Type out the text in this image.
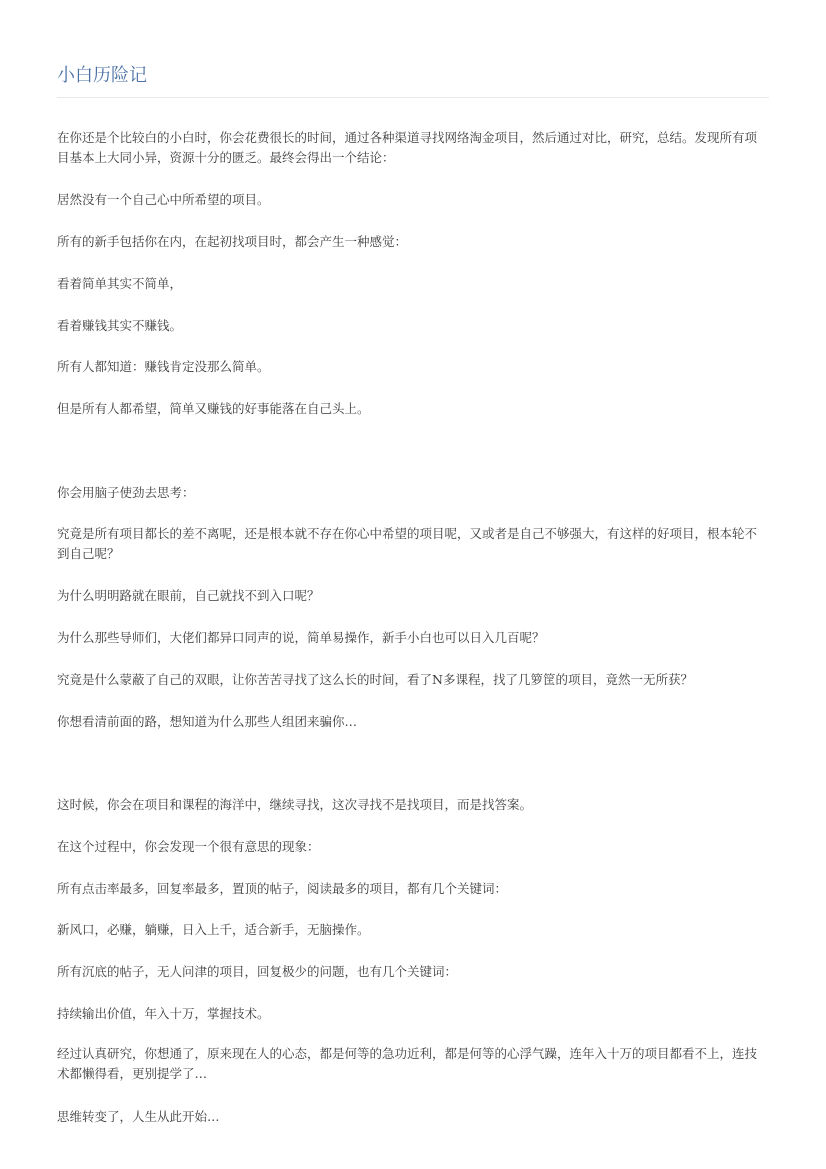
小白历险记

在你还是个比较白的小白时，你会花费很长的时间，通过各种渠道寻找网络淘金项目，然后通过对比，研究，总结。发现所有项目基本上大同小异，资源十分的匮乏。最终会得出一个结论：

居然没有一个自己心中所希望的项目。

所有的新手包括你在内，在起初找项目时，都会产生一种感觉：

看着简单其实不简单，

看着赚钱其实不赚钱。

所有人都知道：赚钱肯定没那么简单。

但是所有人都希望，简单又赚钱的好事能落在自己头上。

你会用脑子使劲去思考：

究竟是所有项目都长的差不离呢，还是根本就不存在你心中希望的项目呢，又或者是自己不够强大，有这样的好项目，根本轮不到自己呢？

为什么明明路就在眼前，自己就找不到入口呢？

为什么那些导师们，大佬们都异口同声的说，简单易操作，新手小白也可以日入几百呢？

究竟是什么蒙蔽了自己的双眼，让你苦苦寻找了这么长的时间，看了N多课程，找了几箩筐的项目，竟然一无所获？

你想看清前面的路，想知道为什么那些人组团来骗你…

这时候，你会在项目和课程的海洋中，继续寻找，这次寻找不是找项目，而是找答案。

在这个过程中，你会发现一个很有意思的现象：

所有点击率最多，回复率最多，置顶的帖子，阅读最多的项目，都有几个关键词：

新风口，必赚，躺赚，日入上千，适合新手，无脑操作。

所有沉底的帖子，无人问津的项目，回复极少的问题，也有几个关键词：

持续输出价值，年入十万，掌握技术。

经过认真研究，你想通了，原来现在人的心态，都是何等的急功近利，都是何等的心浮气躁，连年入十万的项目都看不上，连技术都懒得看，更别提学了…

思维转变了，人生从此开始…
